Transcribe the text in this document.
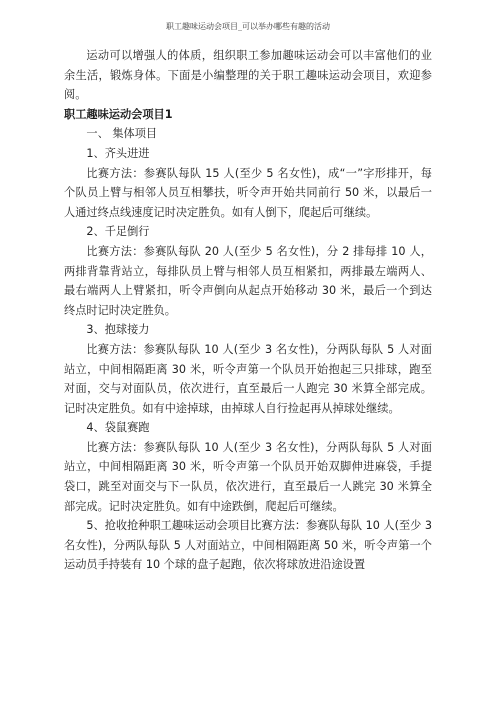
职工趣味运动会项目_可以举办哪些有趣的活动

运动可以增强人的体质，组织职工参加趣味运动会可以丰富他们的业余生活，锻炼身体。下面是小编整理的关于职工趣味运动会项目，欢迎参阅。

职工趣味运动会项目1

一、 集体项目

1、齐头进进

比赛方法：参赛队每队 15 人(至少 5 名女性)，成“一”字形排开，每个队员上臂与相邻人员互相攀扶，听令声开始共同前行 50 米，以最后一人通过终点线速度记时决定胜负。如有人倒下，爬起后可继续。

2、千足倒行

比赛方法：参赛队每队 20 人(至少 5 名女性)，分 2 排每排 10 人，两排背靠背站立，每排队员上臂与相邻人员互相紧扣，两排最左端两人、最右端两人上臂紧扣，听令声倒向从起点开始移动 30 米，最后一个到达终点时记时决定胜负。

3、抱球接力

比赛方法：参赛队每队 10 人(至少 3 名女性)，分两队每队 5 人对面站立，中间相隔距离 30 米，听令声第一个队员开始抱起三只排球，跑至对面，交与对面队员，依次进行，直至最后一人跑完 30 米算全部完成。记时决定胜负。如有中途掉球，由掉球人自行捡起再从掉球处继续。

4、袋鼠赛跑

比赛方法：参赛队每队 10 人(至少 3 名女性)，分两队每队 5 人对面站立，中间相隔距离 30 米，听令声第一个队员开始双脚伸进麻袋，手提袋口，跳至对面交与下一队员，依次进行，直至最后一人跳完 30 米算全部完成。记时决定胜负。如有中途跌倒，爬起后可继续。

5、抢收抢种职工趣味运动会项目比赛方法：参赛队每队 10 人(至少 3 名女性)，分两队每队 5 人对面站立，中间相隔距离 50 米，听令声第一个运动员手持装有 10 个球的盘子起跑，依次将球放进沿途设置
